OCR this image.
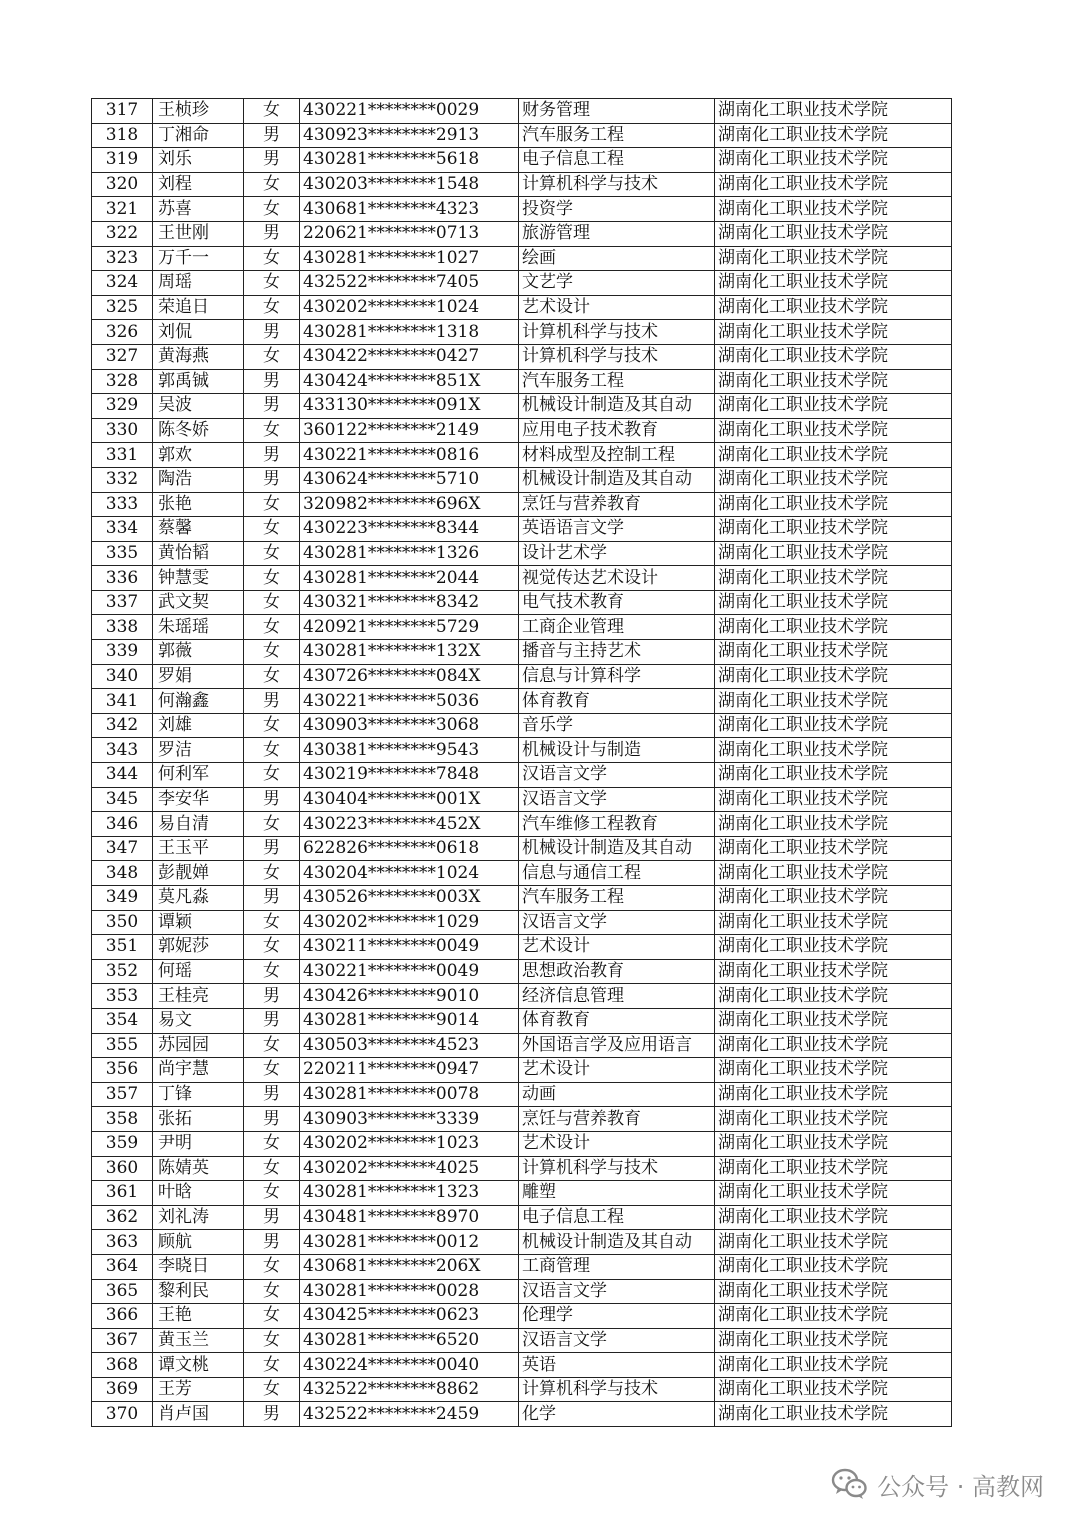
317	王桢珍	女	430221********0029	财务管理	湖南化工职业技术学院
318	丁湘命	男	430923********2913	汽车服务工程	湖南化工职业技术学院
319	刘乐	男	430281********5618	电子信息工程	湖南化工职业技术学院
320	刘程	女	430203********1548	计算机科学与技术	湖南化工职业技术学院
321	苏喜	女	430681********4323	投资学	湖南化工职业技术学院
322	王世刚	男	220621********0713	旅游管理	湖南化工职业技术学院
323	万千一	女	430281********1027	绘画	湖南化工职业技术学院
324	周瑶	女	432522********7405	文艺学	湖南化工职业技术学院
325	荣追日	女	430202********1024	艺术设计	湖南化工职业技术学院
326	刘侃	男	430281********1318	计算机科学与技术	湖南化工职业技术学院
327	黄海燕	女	430422********0427	计算机科学与技术	湖南化工职业技术学院
328	郭禹铖	男	430424********851X	汽车服务工程	湖南化工职业技术学院
329	吴波	男	433130********091X	机械设计制造及其自动	湖南化工职业技术学院
330	陈冬娇	女	360122********2149	应用电子技术教育	湖南化工职业技术学院
331	郭欢	男	430221********0816	材料成型及控制工程	湖南化工职业技术学院
332	陶浩	男	430624********5710	机械设计制造及其自动	湖南化工职业技术学院
333	张艳	女	320982********696X	烹饪与营养教育	湖南化工职业技术学院
334	蔡馨	女	430223********8344	英语语言文学	湖南化工职业技术学院
335	黄怡韬	女	430281********1326	设计艺术学	湖南化工职业技术学院
336	钟慧雯	女	430281********2044	视觉传达艺术设计	湖南化工职业技术学院
337	武文契	女	430321********8342	电气技术教育	湖南化工职业技术学院
338	朱瑶瑶	女	420921********5729	工商企业管理	湖南化工职业技术学院
339	郭薇	女	430281********132X	播音与主持艺术	湖南化工职业技术学院
340	罗娟	女	430726********084X	信息与计算科学	湖南化工职业技术学院
341	何瀚鑫	男	430221********5036	体育教育	湖南化工职业技术学院
342	刘雄	女	430903********3068	音乐学	湖南化工职业技术学院
343	罗洁	女	430381********9543	机械设计与制造	湖南化工职业技术学院
344	何利军	女	430219********7848	汉语言文学	湖南化工职业技术学院
345	李安华	男	430404********001X	汉语言文学	湖南化工职业技术学院
346	易自清	女	430223********452X	汽车维修工程教育	湖南化工职业技术学院
347	王玉平	男	622826********0618	机械设计制造及其自动	湖南化工职业技术学院
348	彭靓婵	女	430204********1024	信息与通信工程	湖南化工职业技术学院
349	莫凡淼	男	430526********003X	汽车服务工程	湖南化工职业技术学院
350	谭颖	女	430202********1029	汉语言文学	湖南化工职业技术学院
351	郭妮莎	女	430211********0049	艺术设计	湖南化工职业技术学院
352	何瑶	女	430221********0049	思想政治教育	湖南化工职业技术学院
353	王桂亮	男	430426********9010	经济信息管理	湖南化工职业技术学院
354	易文	男	430281********9014	体育教育	湖南化工职业技术学院
355	苏园园	女	430503********4523	外国语言学及应用语言	湖南化工职业技术学院
356	尚宇慧	女	220211********0947	艺术设计	湖南化工职业技术学院
357	丁锋	男	430281********0078	动画	湖南化工职业技术学院
358	张拓	男	430903********3339	烹饪与营养教育	湖南化工职业技术学院
359	尹明	女	430202********1023	艺术设计	湖南化工职业技术学院
360	陈婧英	女	430202********4025	计算机科学与技术	湖南化工职业技术学院
361	叶晗	女	430281********1323	雕塑	湖南化工职业技术学院
362	刘礼涛	男	430481********8970	电子信息工程	湖南化工职业技术学院
363	顾航	男	430281********0012	机械设计制造及其自动	湖南化工职业技术学院
364	李晓日	女	430681********206X	工商管理	湖南化工职业技术学院
365	黎利民	女	430281********0028	汉语言文学	湖南化工职业技术学院
366	王艳	女	430425********0623	伦理学	湖南化工职业技术学院
367	黄玉兰	女	430281********6520	汉语言文学	湖南化工职业技术学院
368	谭文桃	女	430224********0040	英语	湖南化工职业技术学院
369	王芳	女	432522********8862	计算机科学与技术	湖南化工职业技术学院
370	肖卢国	男	432522********2459	化学	湖南化工职业技术学院
公众号 · 高教网
